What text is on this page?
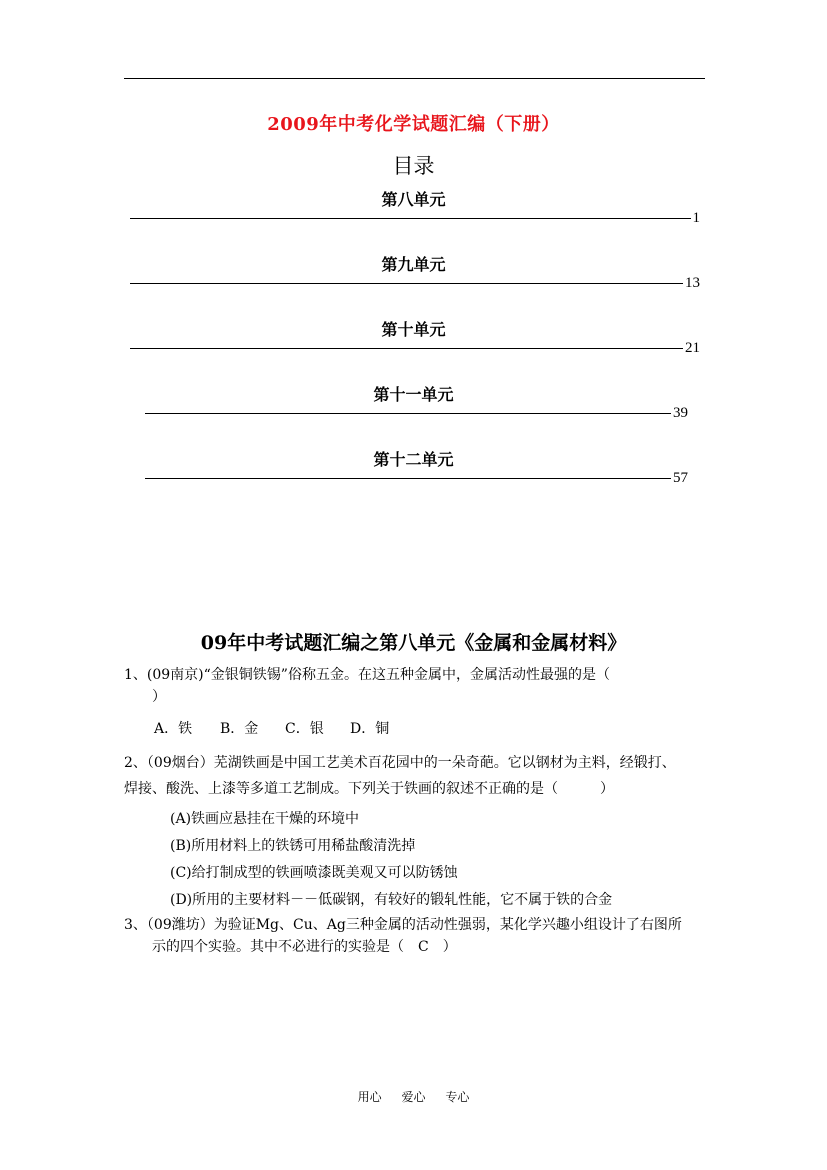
2009年中考化学试题汇编（下册）
目录
第八单元
1
第九单元
13
第十单元
21
第十一单元
39
第十二单元
57
09年中考试题汇编之第八单元《金属和金属材料》
1、(09南京)“金银铜铁锡”俗称五金。在这五种金属中，金属活动性最强的是（
）
A．铁 B．金 C．银 D．铜
2、（09烟台）芜湖铁画是中国工艺美术百花园中的一朵奇葩。它以钢材为主料，经锻打、
焊接、酸洗、上漆等多道工艺制成。下列关于铁画的叙述不正确的是（　　　）
(A)铁画应悬挂在干燥的环境中
(B)所用材料上的铁锈可用稀盐酸清洗掉
(C)给打制成型的铁画喷漆既美观又可以防锈蚀
(D)所用的主要材料－－低碳钢，有较好的锻轧性能，它不属于铁的合金
3、（09潍坊）为验证Mg、Cu、Ag三种金属的活动性强弱，某化学兴趣小组设计了右图所
示的四个实验。其中不必进行的实验是（　C　）
用心 爱心 专心
